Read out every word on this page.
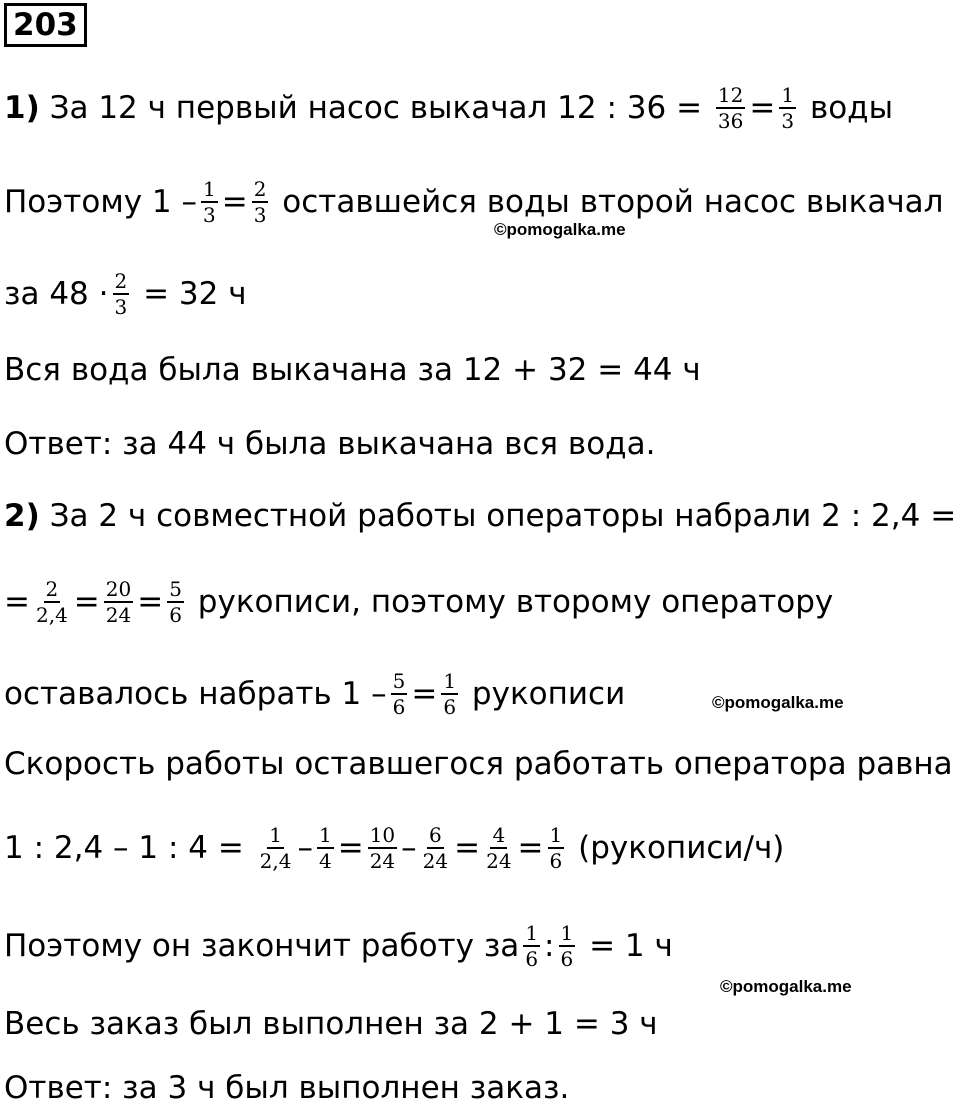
203
1) За 12 ч первый насос выкачал 12 : $36 = \frac{12}{36} = \frac{1}{3}$ воды
Поэтому $1 - \frac{1}{3} = \frac{2}{3}$ оставшейся воды второй насос выкачал
©pomogalka.me
за $48 \cdot \frac{2}{3} = 32$ ч
Вся вода была выкачана за 12 + 32 = 44 ч
Ответ: за 44 ч была выкачана вся вода.
2) За 2 ч совместной работы операторы набрали 2 : 2,4 =
= $\frac{2}{2,4} = \frac{20}{24} = \frac{5}{6}$ рукописи, поэтому второму оператору
оставалось набрать $1 - \frac{5}{6} = \frac{1}{6}$ рукописи	©pomogalka.me
Скорость работы оставшегося работать оператора равна
1 : 2,4 – 1 : $4 = \frac{1}{2,4} - \frac{1}{4} = \frac{10}{24} - \frac{6}{24} = \frac{4}{24} = \frac{1}{6}$ (рукописи/ч)
Поэтому он закончит работу за $\frac{1}{6}$ : $\frac{1}{6} = 1$ ч
©pomogalka.me
Весь заказ был выполнен за 2 + 1 = 3 ч
Ответ: за 3 ч был выполнен заказ.
